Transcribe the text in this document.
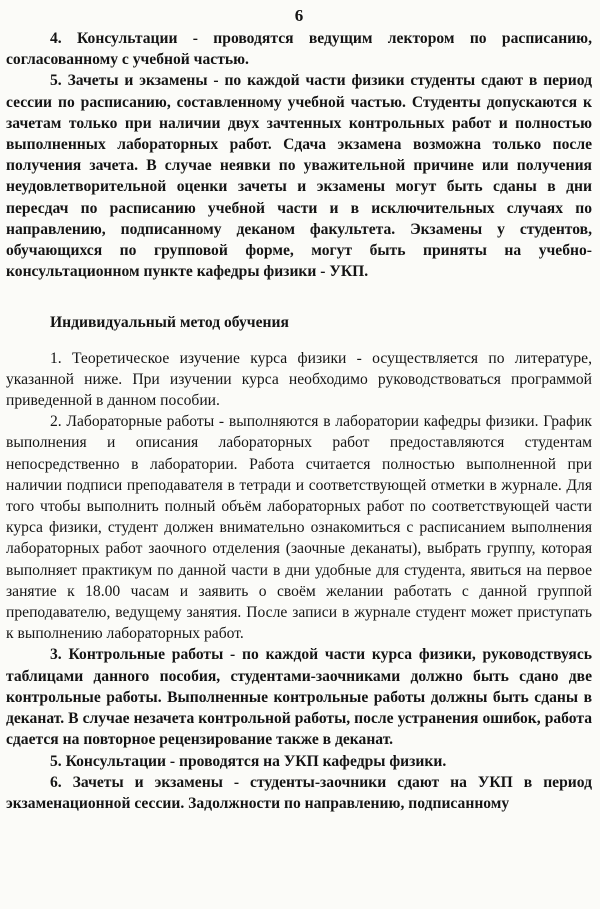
6

4. Консультации - проводятся ведущим лектором по расписанию, согласованному с учебной частью.

5. Зачеты и экзамены - по каждой части физики студенты сдают в период сессии по расписанию, составленному учебной частью. Студенты допускаются к зачетам только при наличии двух зачтенных контрольных работ и полностью выполненных лабораторных работ. Сдача экзамена возможна только после получения зачета. В случае неявки по уважительной причине или получения неудовлетворительной оценки зачеты и экзамены могут быть сданы в дни пересдач по расписанию учебной части и в исключительных случаях по направлению, подписанному деканом факультета. Экзамены у студентов, обучающихся по групповой форме, могут быть приняты на учебно-консультационном пункте кафедры физики - УКП.

Индивидуальный метод обучения

1. Теоретическое изучение курса физики - осуществляется по литературе, указанной ниже. При изучении курса необходимо руководствоваться программой приведенной в данном пособии.

2. Лабораторные работы - выполняются в лаборатории кафедры физики. График выполнения и описания лабораторных работ предоставляются студентам непосредственно в лаборатории. Работа считается полностью выполненной при наличии подписи преподавателя в тетради и соответствующей отметки в журнале. Для того чтобы выполнить полный объём лабораторных работ по соответствующей части курса физики, студент должен внимательно ознакомиться с расписанием выполнения лабораторных работ заочного отделения (заочные деканаты), выбрать группу, которая выполняет практикум по данной части в дни удобные для студента, явиться на первое занятие к 18.00 часам и заявить о своём желании работать с данной группой преподавателю, ведущему занятия. После записи в журнале студент может приступать к выполнению лабораторных работ.

3. Контрольные работы - по каждой части курса физики, руководствуясь таблицами данного пособия, студентами-заочниками должно быть сдано две контрольные работы. Выполненные контрольные работы должны быть сданы в деканат. В случае незачета контрольной работы, после устранения ошибок, работа сдается на повторное рецензирование также в деканат.

5. Консультации - проводятся на УКП кафедры физики.

6. Зачеты и экзамены - студенты-заочники сдают на УКП в период экзаменационной сессии. Задолжности по направлению, подписанному
